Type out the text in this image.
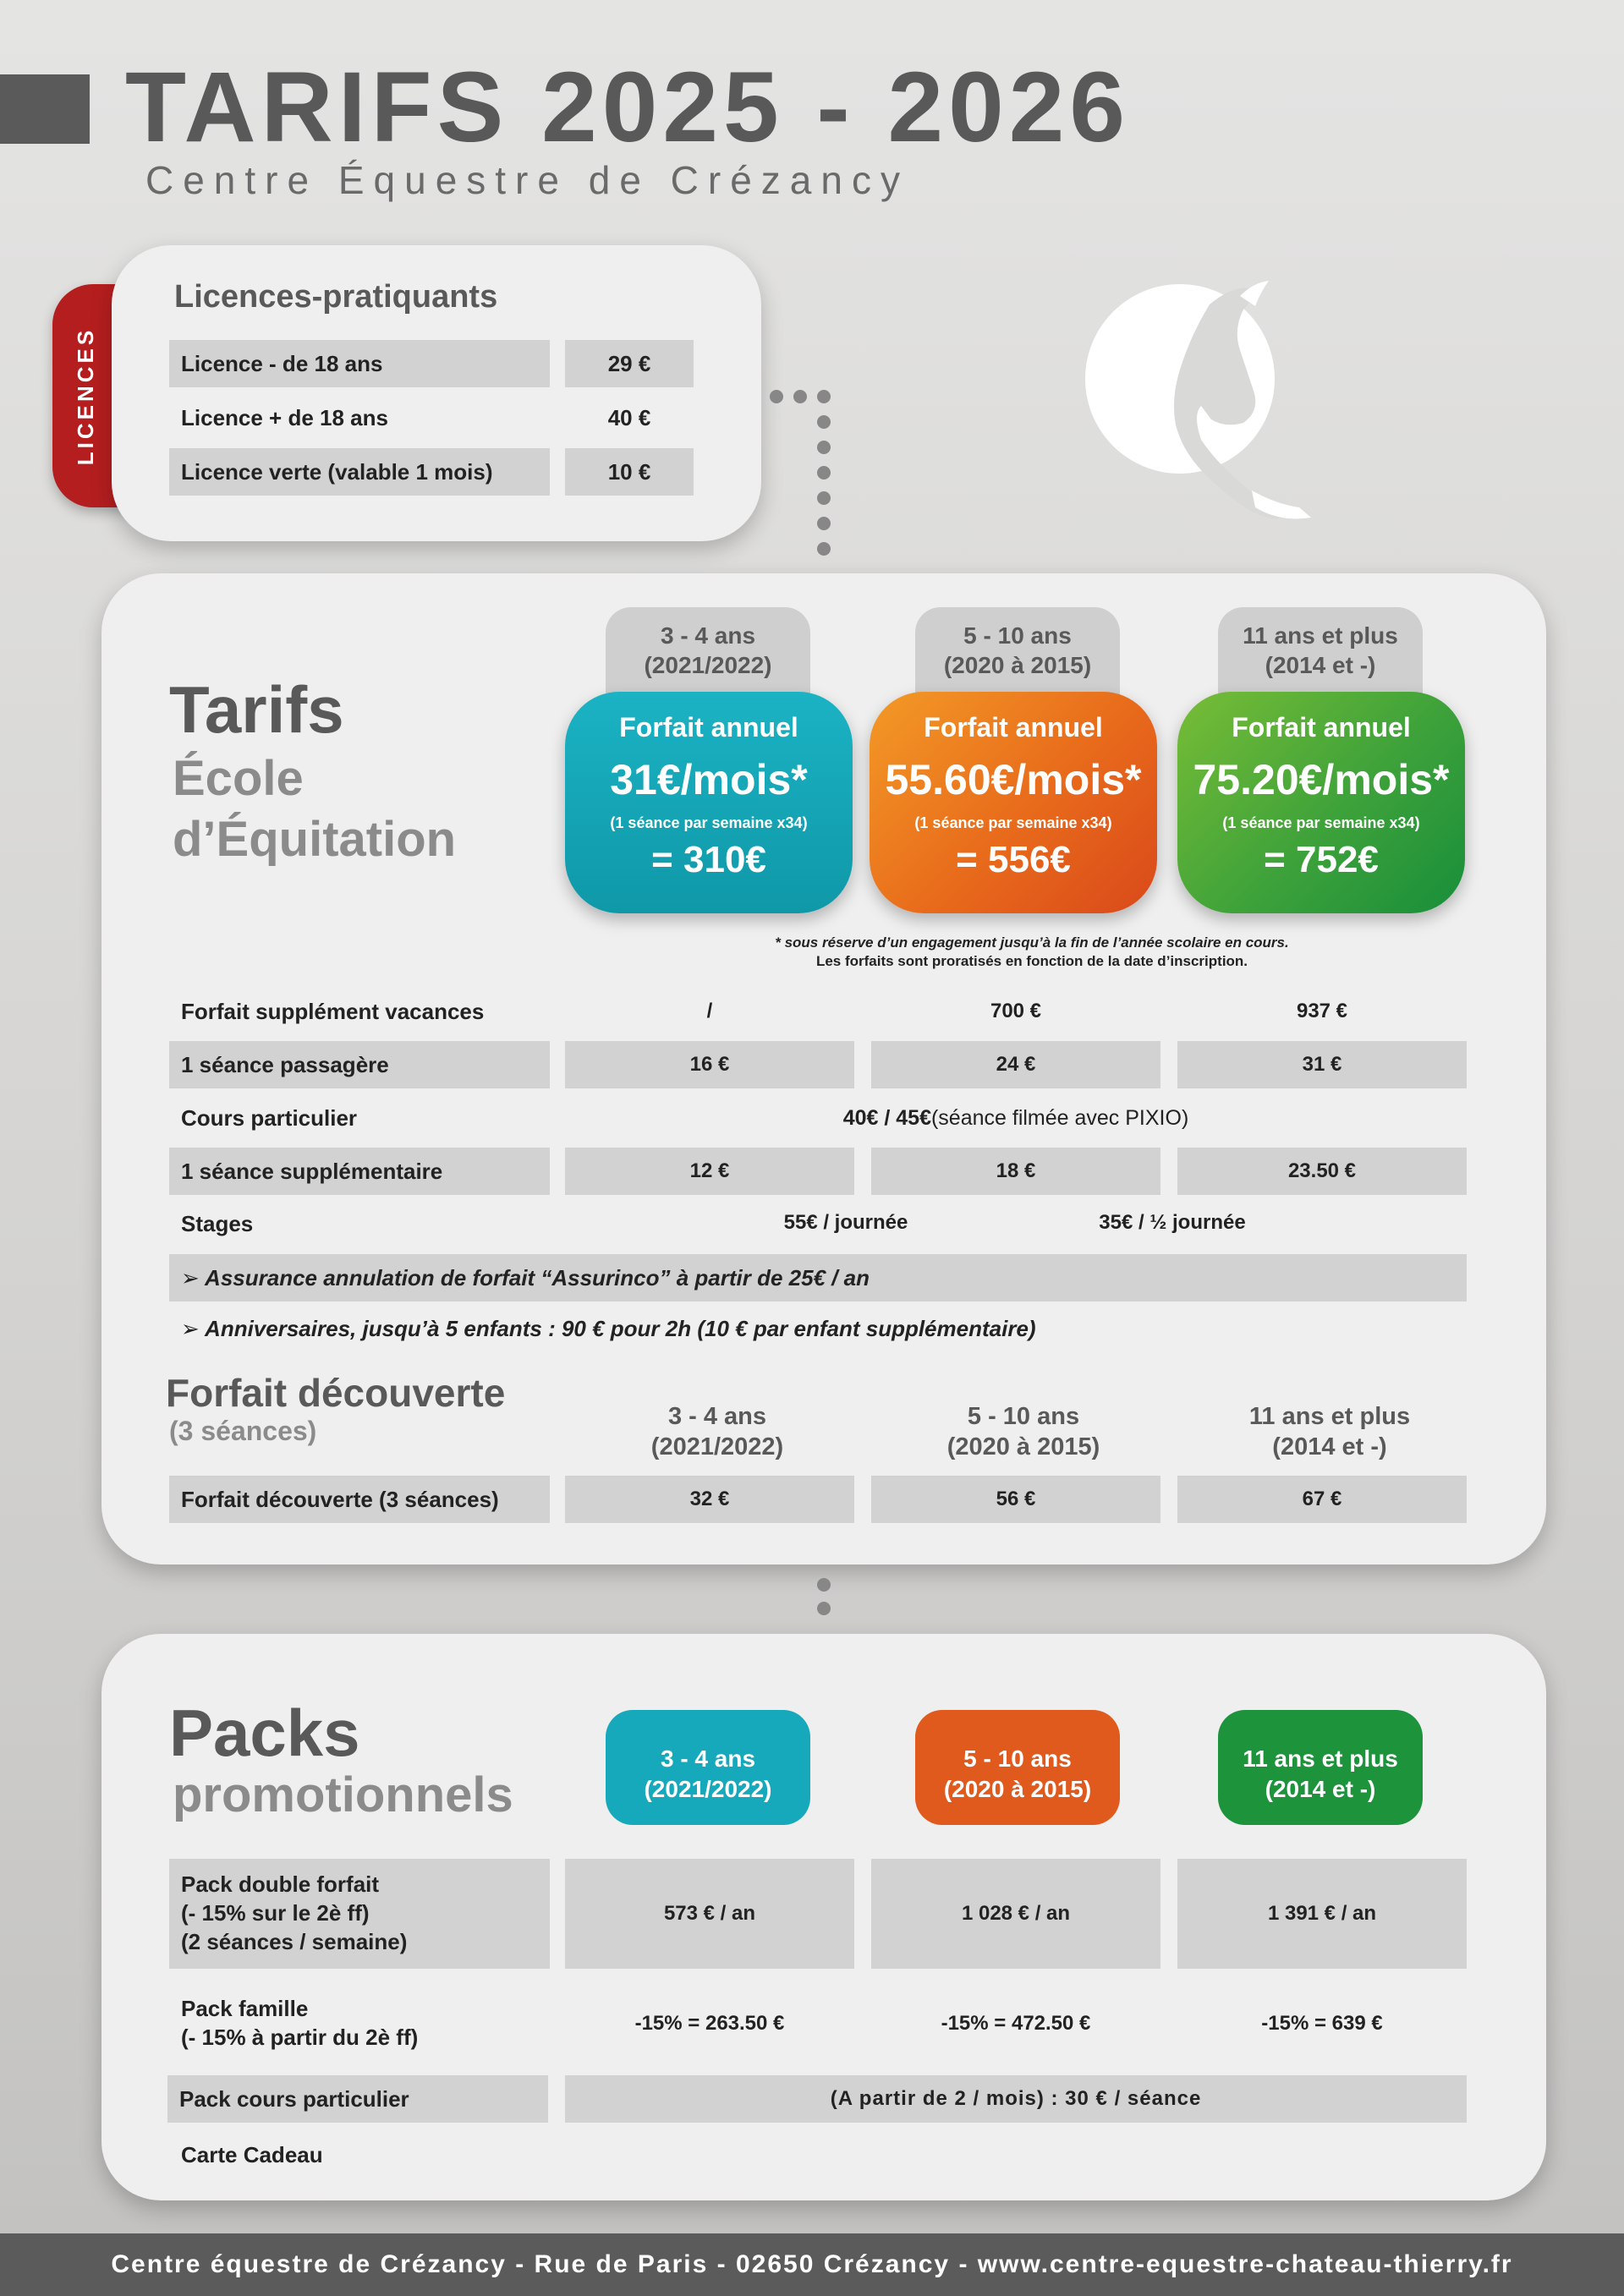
TARIFS 2025 - 2026
Centre Équestre de Crézancy
LICENCES
Licences-pratiquants
Licence - de 18 ans	29 €
Licence + de 18 ans	40 €
Licence verte (valable 1 mois)	10 €
Tarifs
École
d’Équitation
3 - 4 ans
(2021/2022)
5 - 10 ans
(2020 à 2015)
11 ans et plus
(2014 et -)
Forfait annuel
31€/mois*
(1 séance par semaine x34)
= 310€
Forfait annuel
55.60€/mois*
(1 séance par semaine x34)
= 556€
Forfait annuel
75.20€/mois*
(1 séance par semaine x34)
= 752€
* sous réserve d’un engagement jusqu’à la fin de l’année scolaire en cours.
Les forfaits sont proratisés en fonction de la date d’inscription.
Forfait supplément vacances	/	700 €	937 €
1 séance passagère	16 €	24 €	31 €
Cours particulier	40€ / 45€ (séance filmée avec PIXIO)
1 séance supplémentaire	12 €	18 €	23.50 €
Stages	55€ / journée	35€ / ½ journée
➢ Assurance annulation de forfait “Assurinco” à partir de 25€ / an
➢ Anniversaires, jusqu’à 5 enfants : 90 € pour 2h (10 € par enfant supplémentaire)
Forfait découverte
(3 séances)	3 - 4 ans
(2021/2022)
5 - 10 ans
(2020 à 2015)
11 ans et plus
(2014 et -)
Forfait découverte (3 séances)	32 €	56 €	67 €
Packs
promotionnels
3 - 4 ans
(2021/2022)
5 - 10 ans
(2020 à 2015)
11 ans et plus
(2014 et -)
Pack double forfait
(- 15% sur le 2è ff)
(2 séances / semaine)
573 € / an	1 028 € / an	1 391 € / an
Pack famille
(- 15% à partir du 2è ff)
-15% = 263.50 €	-15% = 472.50 €	-15% = 639 €
Pack cours particulier	(A partir de 2 / mois) : 30 € / séance
Carte Cadeau
Centre équestre de Crézancy - Rue de Paris - 02650 Crézancy - www.centre-equestre-chateau-thierry.fr
